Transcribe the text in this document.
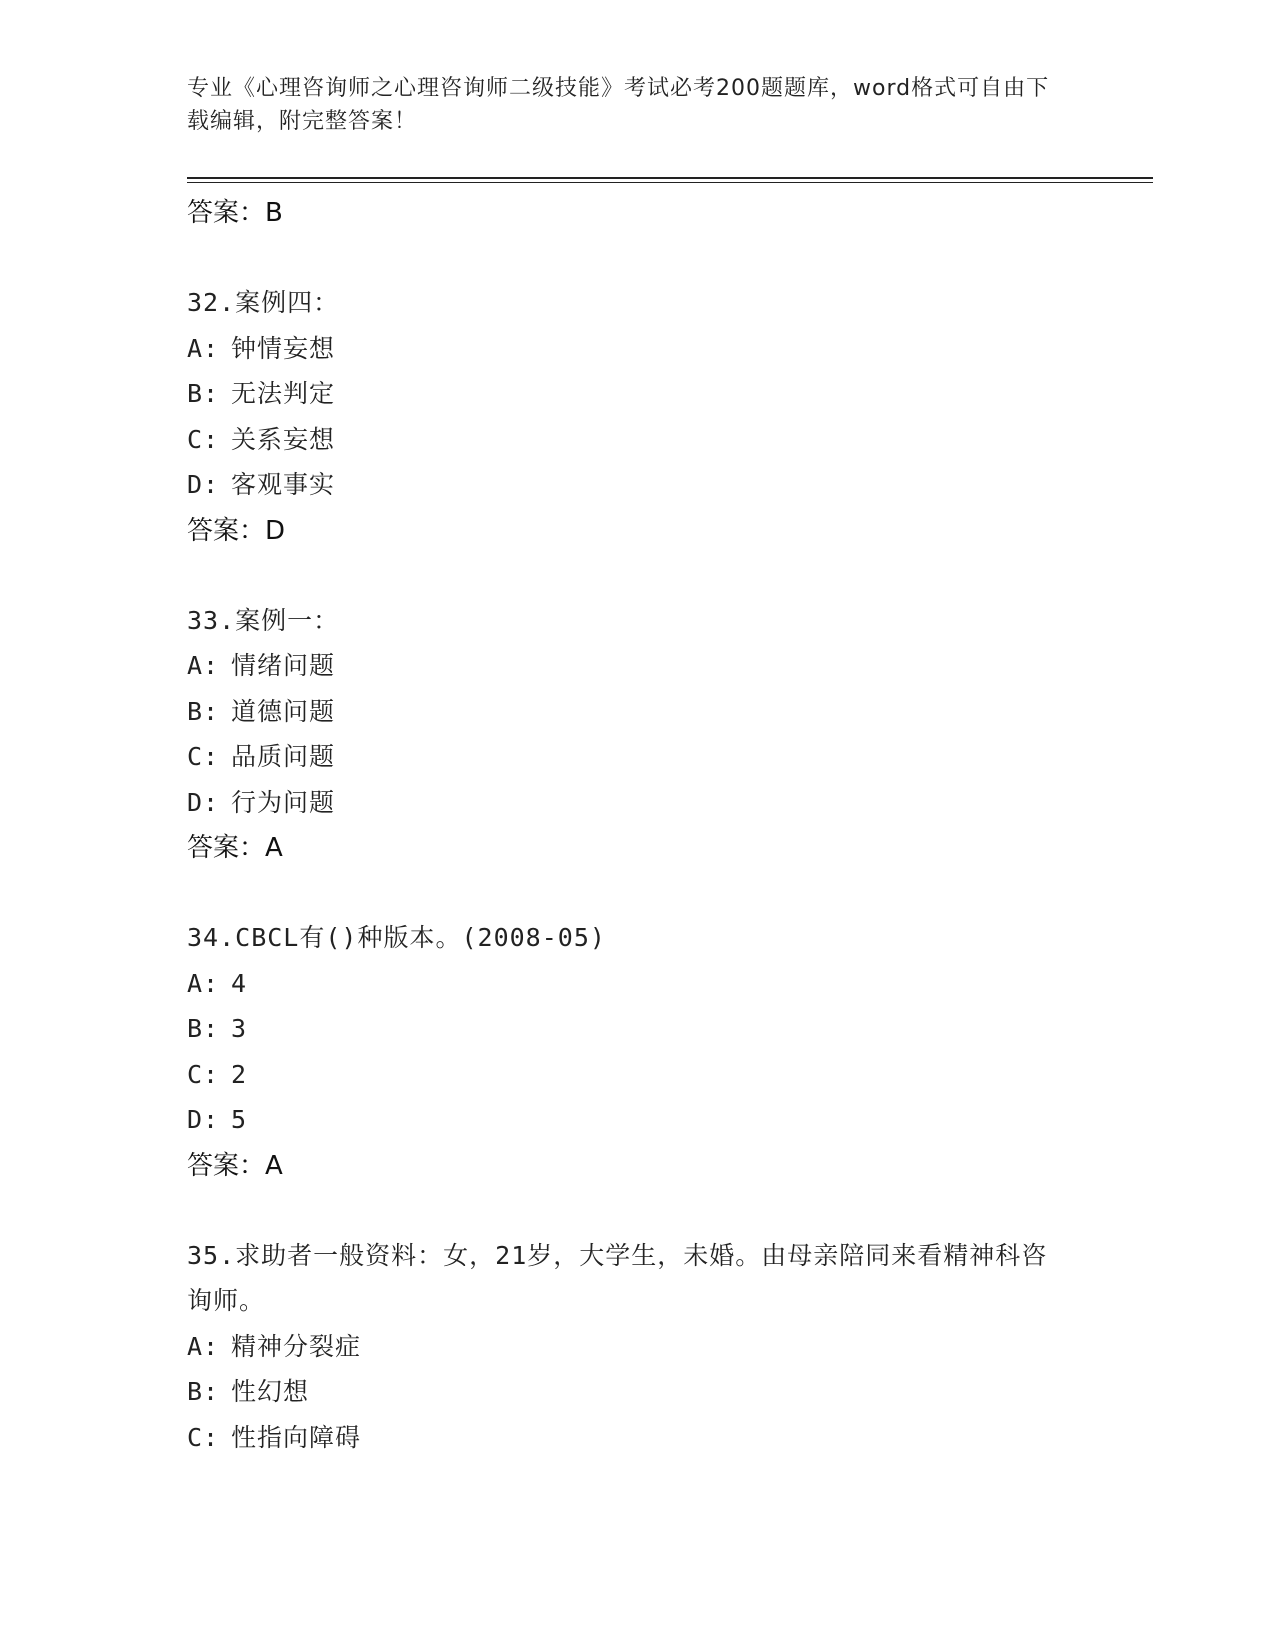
专业《心理咨询师之心理咨询师二级技能》考试必考200题题库，word格式可自由下载编辑，附完整答案！
答案：B
32.案例四：
A: 钟情妄想
B: 无法判定
C: 关系妄想
D: 客观事实
答案：D
33.案例一：
A: 情绪问题
B: 道德问题
C: 品质问题
D: 行为问题
答案：A
34.CBCL有()种版本。(2008-05)
A: 4
B: 3
C: 2
D: 5
答案：A
35.求助者一般资料：女，21岁，大学生，未婚。由母亲陪同来看精神科咨询师。
A: 精神分裂症
B: 性幻想
C: 性指向障碍
